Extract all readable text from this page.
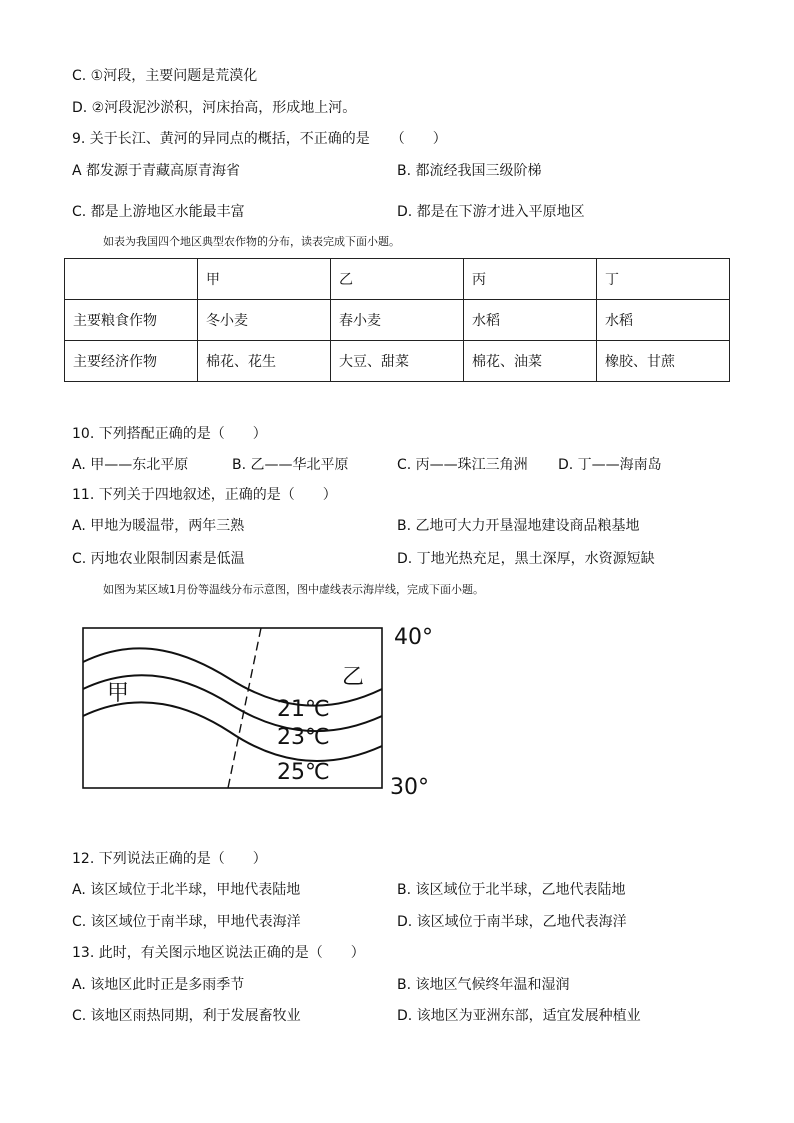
C. ①河段，主要问题是荒漠化
D. ②河段泥沙淤积，河床抬高，形成地上河。
9. 关于长江、黄河的异同点的概括，不正确的是　　（　　）
A 都发源于青藏高原青海省	B. 都流经我国三级阶梯
C. 都是上游地区水能最丰富	D. 都是在下游才进入平原地区
如表为我国四个地区典型农作物的分布，读表完成下面小题。
	甲	乙	丙	丁
主要粮食作物	冬小麦	春小麦	水稻	水稻
主要经济作物	棉花、花生	大豆、甜菜	棉花、油菜	橡胶、甘蔗
10. 下列搭配正确的是（　　）
A. 甲——东北平原	B. 乙——华北平原	C. 丙——珠江三角洲 D. 丁——海南岛
11. 下列关于四地叙述，正确的是（　　）
A. 甲地为暖温带，两年三熟	B. 乙地可大力开垦湿地建设商品粮基地
C. 丙地农业限制因素是低温	D. 丁地光热充足，黑土深厚，水资源短缺
如图为某区域1月份等温线分布示意图，图中虚线表示海岸线，完成下面小题。
甲
乙
21℃
23℃
25℃
40°
30°
12. 下列说法正确的是（　　）
A. 该区域位于北半球，甲地代表陆地	B. 该区域位于北半球，乙地代表陆地
C. 该区域位于南半球，甲地代表海洋	D. 该区域位于南半球，乙地代表海洋
13. 此时，有关图示地区说法正确的是（　　）
A. 该地区此时正是多雨季节	B. 该地区气候终年温和湿润
C. 该地区雨热同期，利于发展畜牧业	D. 该地区为亚洲东部，适宜发展种植业
